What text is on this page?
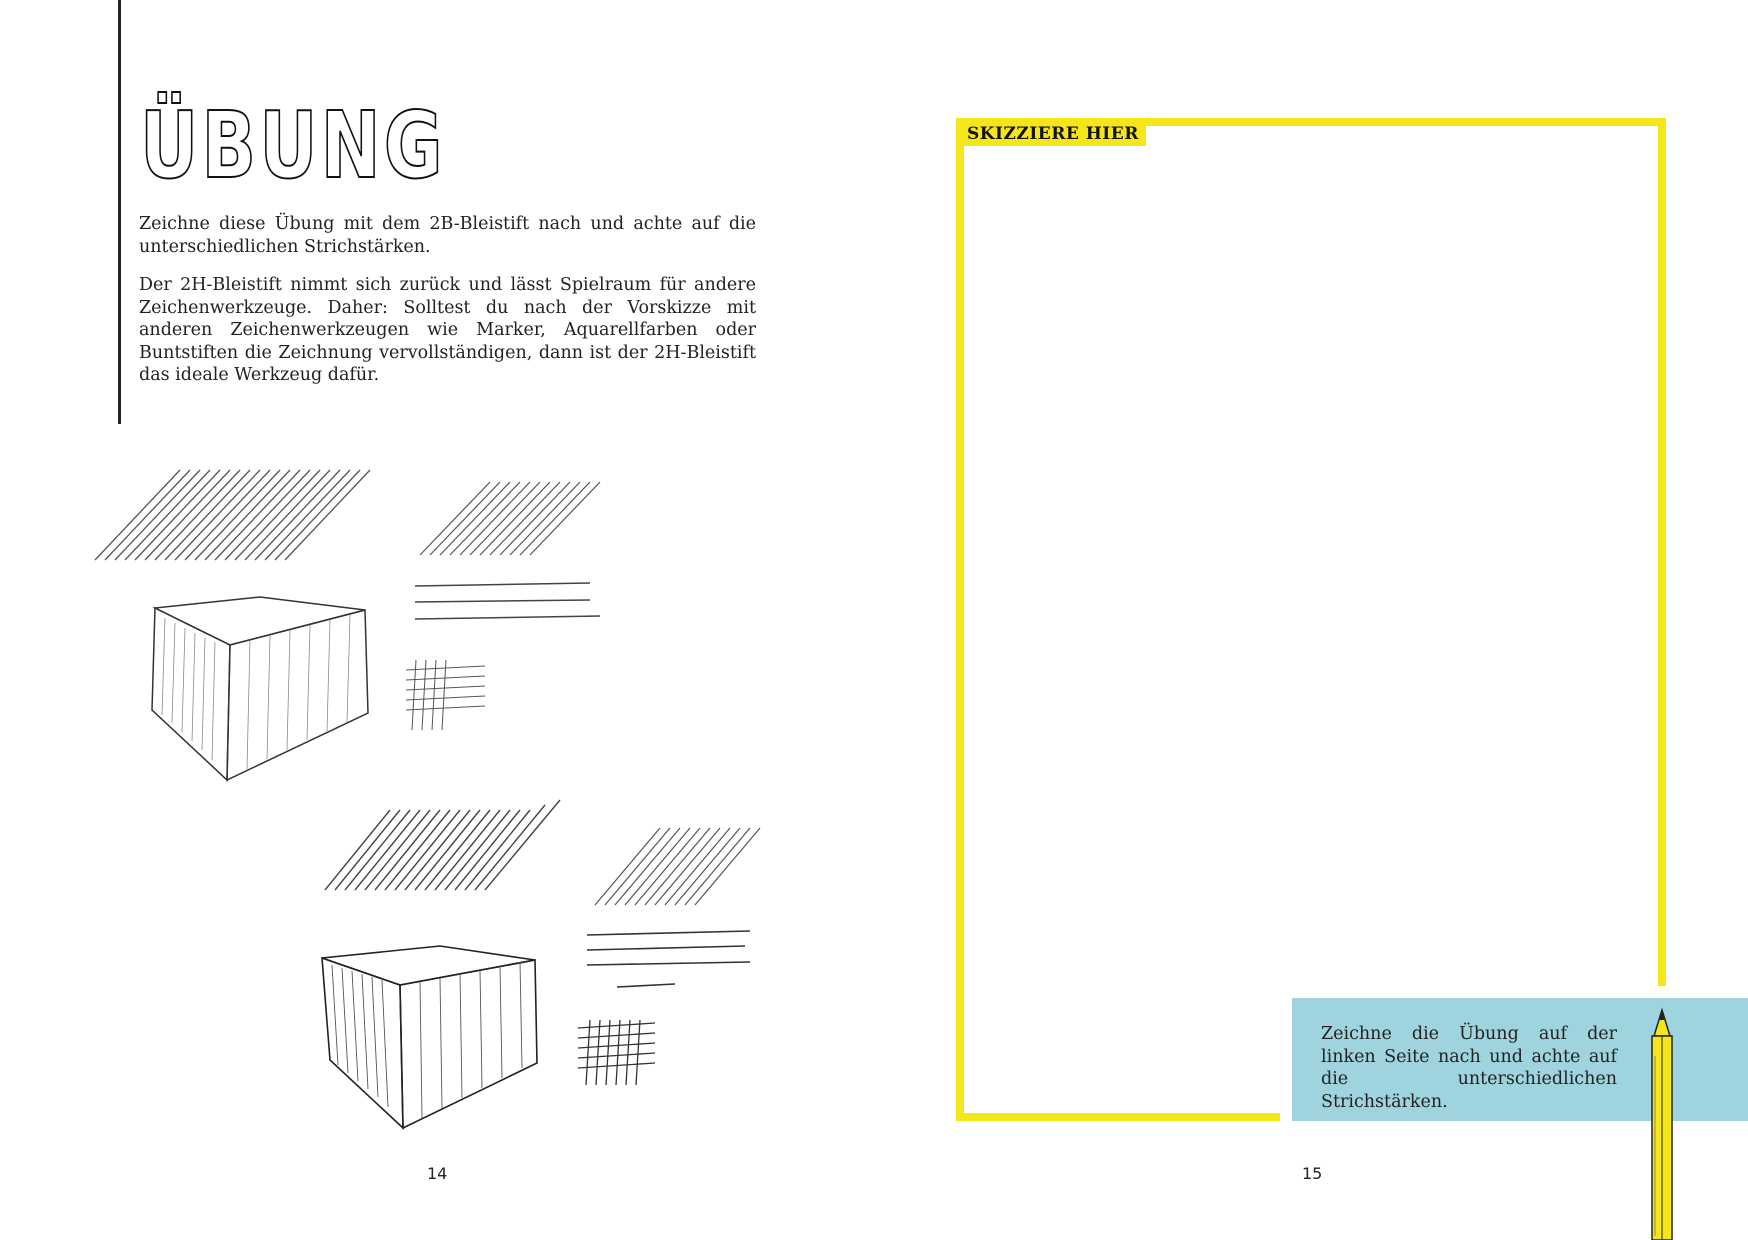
ÜBUNG
Zeichne diese Übung mit dem 2B-Bleistift nach und achte auf die unterschiedlichen Strichstärken.
Der 2H-Bleistift nimmt sich zurück und lässt Spielraum für andere Zeichenwerkzeuge. Daher: Solltest du nach der Vorskizze mit anderen Zeichenwerkzeugen wie Marker, Aquarellfarben oder Buntstiften die Zeichnung vervollständigen, dann ist der 2H-Bleistift das ideale Werkzeug dafür.
14
SKIZZIERE HIER
Zeichne die Übung auf der linken Seite nach und achte auf die unterschiedlichen Strichstärken.
15
